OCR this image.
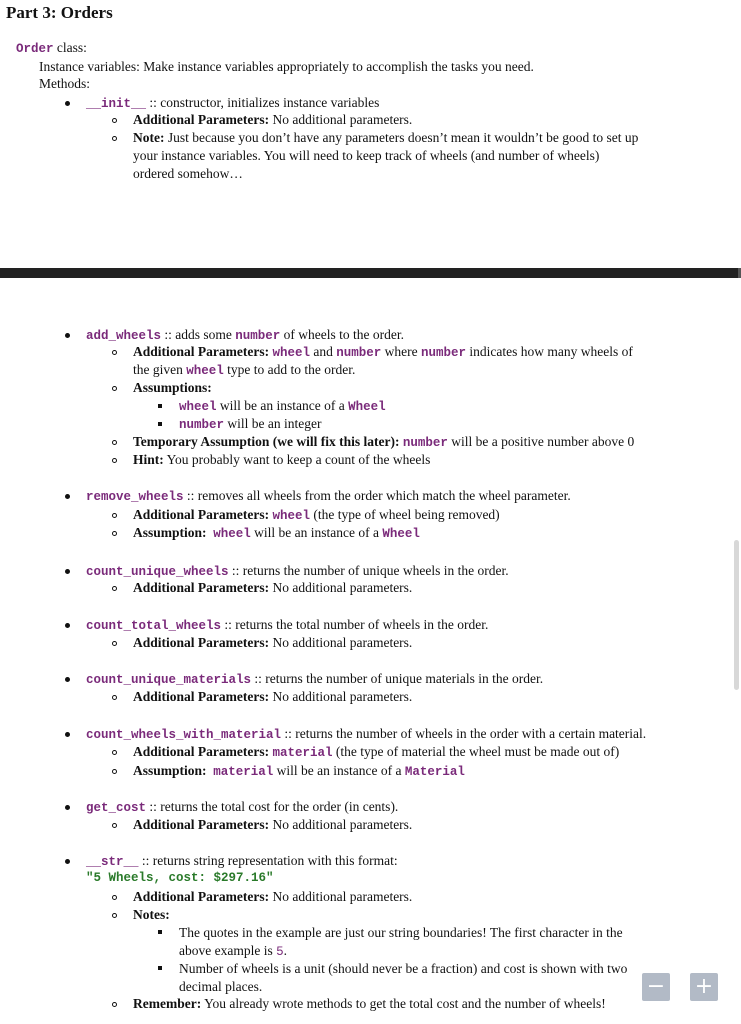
Part 3: Orders
Order class:
Instance variables: Make instance variables appropriately to accomplish the tasks you need.
Methods:
__init__ :: constructor, initializes instance variables
Additional Parameters: No additional parameters.
Note: Just because you don’t have any parameters doesn’t mean it wouldn’t be good to set up
your instance variables. You will need to keep track of wheels (and number of wheels)
ordered somehow…
add_wheels :: adds some number of wheels to the order.
Additional Parameters: wheel and number where number indicates how many wheels of
the given wheel type to add to the order.
Assumptions:
wheel will be an instance of a Wheel
number will be an integer
Temporary Assumption (we will fix this later): number will be a positive number above 0
Hint: You probably want to keep a count of the wheels
remove_wheels :: removes all wheels from the order which match the wheel parameter.
Additional Parameters: wheel (the type of wheel being removed)
Assumption: wheel will be an instance of a Wheel
count_unique_wheels :: returns the number of unique wheels in the order.
Additional Parameters: No additional parameters.
count_total_wheels :: returns the total number of wheels in the order.
Additional Parameters: No additional parameters.
count_unique_materials :: returns the number of unique materials in the order.
Additional Parameters: No additional parameters.
count_wheels_with_material :: returns the number of wheels in the order with a certain material.
Additional Parameters: material (the type of material the wheel must be made out of)
Assumption: material will be an instance of a Material
get_cost :: returns the total cost for the order (in cents).
Additional Parameters: No additional parameters.
__str__ :: returns string representation with this format:
"5 Wheels, cost: $297.16"
Additional Parameters: No additional parameters.
Notes:
The quotes in the example are just our string boundaries! The first character in the
above example is 5.
Number of wheels is a unit (should never be a fraction) and cost is shown with two
decimal places.
Remember: You already wrote methods to get the total cost and the number of wheels!
− +
